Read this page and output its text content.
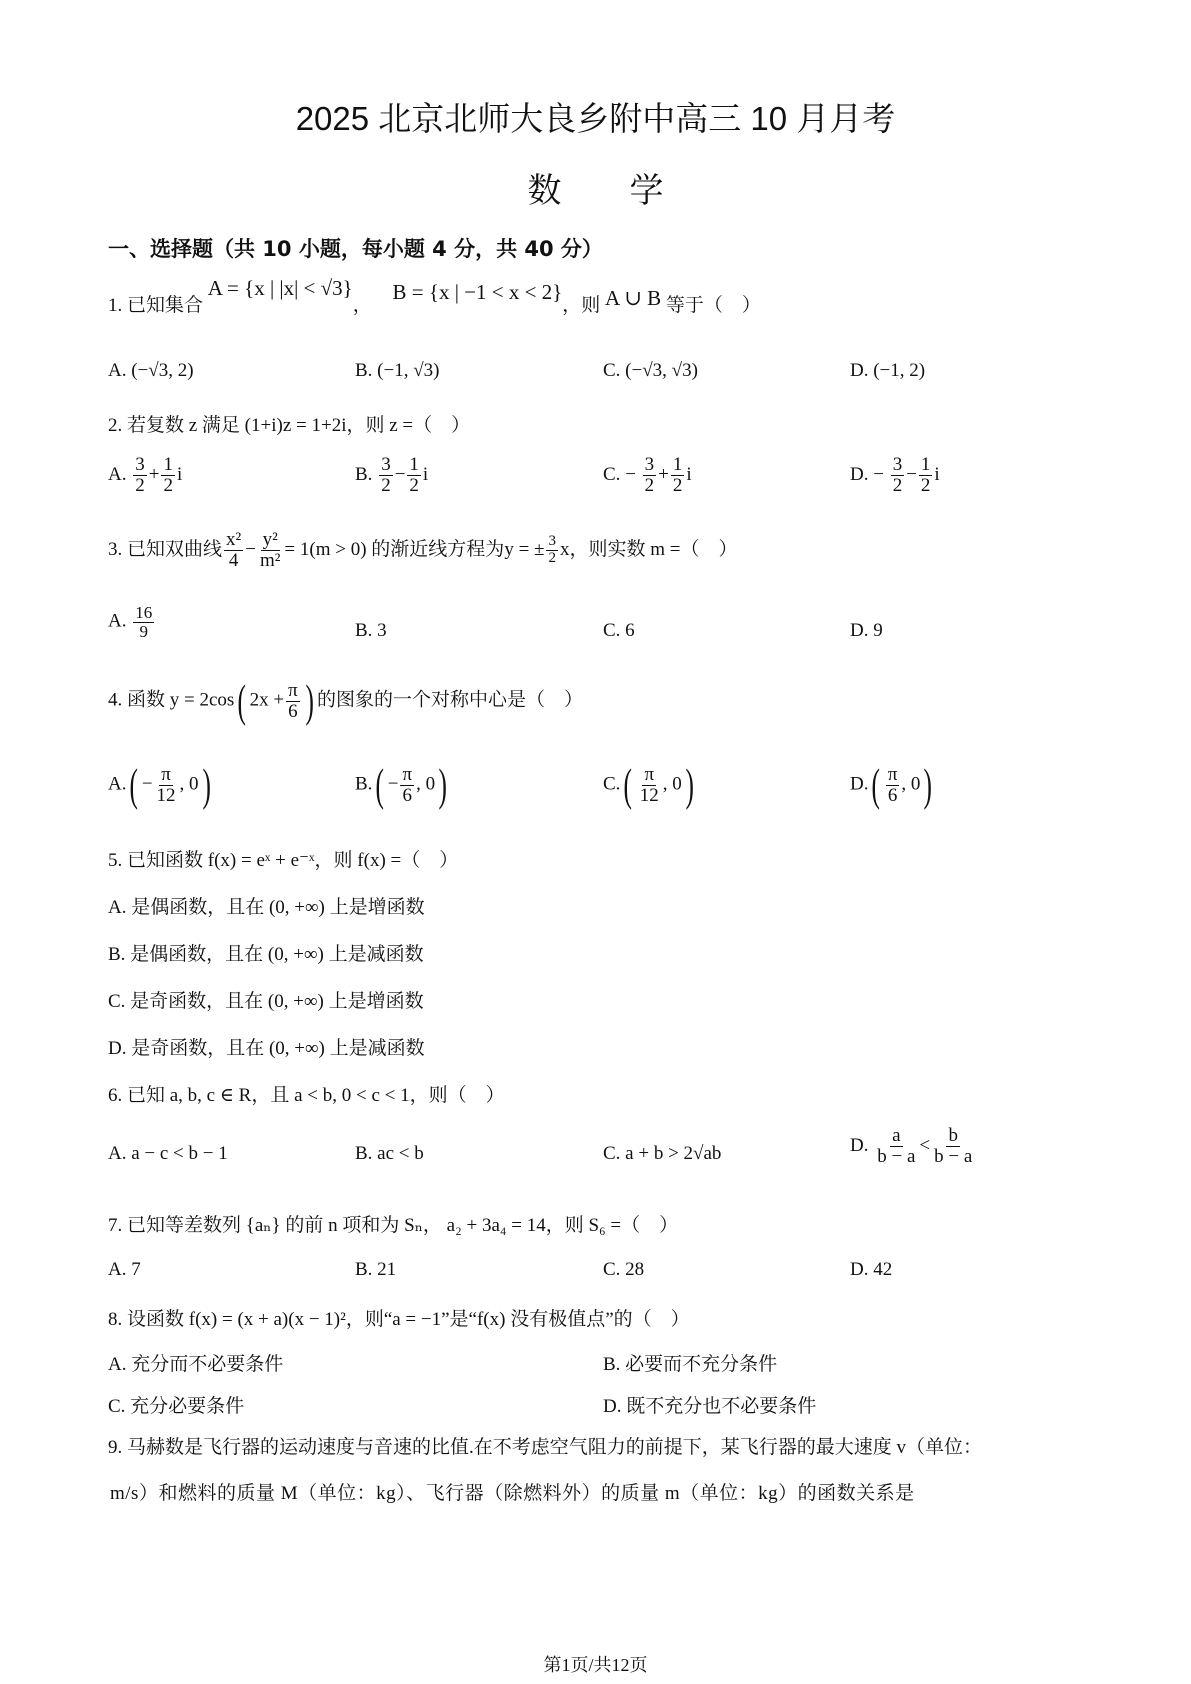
2025 北京北师大良乡附中高三 10 月月考
数　　学
一、选择题（共 10 小题，每小题 4 分，共 40 分）
1. 已知集合 A = {x | |x| < √3}， B = {x | −1 < x < 2}，则 A ∪ B 等于（　）
A. (−√3, 2)	B. (−1, √3)	C. (−√3, √3)	D. (−1, 2)
2. 若复数 z 满足 (1+i)z = 1+2i，则 z =（　）
A. $\frac{3}{2} + \frac{1}{2}$ i	B. $\frac{3}{2} - \frac{1}{2}$ i	C. − $\frac{3}{2} + \frac{1}{2}$ i	D. − $\frac{3}{2} - \frac{1}{2}$ i
3. 已知双曲线 $\frac{\text{x²}}{4} - \frac{\text{y²}}{\text{m²}} = 1(m > 0)$ 的渐近线方程为y = ± $\frac{3}{2}$ x，则实数 m =（　）
A. $\frac{16}{9}$	B. 3	C. 6	D. 9
4. 函数 y = 2cos( $2x + \frac{\pi}{6}$ ) 的图象的一个对称中心是（　）
$A.( - \frac{\pi}{12}$ , 0)	$B.( - \frac{\pi}{6}$ , 0)	$C.( \frac{\pi}{12}$ , 0)	$D.( \frac{\pi}{6}$ , 0)
5. 已知函数 f(x) = eˣ + e⁻ˣ，则 f(x) =（　）
A. 是偶函数，且在 (0, +∞) 上是增函数
B. 是偶函数，且在 (0, +∞) 上是减函数
C. 是奇函数，且在 (0, +∞) 上是增函数
D. 是奇函数，且在 (0, +∞) 上是减函数
6. 已知 a, b, c ∈ R，且 a < b, 0 < c < 1，则（　）
A. a − c < b − 1	B. ac < b	C. a + b > 2√ab	D. $\frac{a}{b - a} < \frac{b}{b - a}$
7. 已知等差数列 {aₙ} 的前 n 项和为 Sₙ， a₂ + 3a₄ = 14，则 S₆ =（　）
A. 7	B. 21	C. 28	D. 42
8. 设函数 f(x) = (x + a)(x − 1)²，则“a = −1”是“f(x) 没有极值点”的（　）
A. 充分而不必要条件	B. 必要而不充分条件
C. 充分必要条件	D. 既不充分也不必要条件
9. 马赫数是飞行器的运动速度与音速的比值.在不考虑空气阻力的前提下，某飞行器的最大速度 v（单位：
m/s）和燃料的质量 M（单位：kg）、飞行器（除燃料外）的质量 m（单位：kg）的函数关系是
第1页/共12页
